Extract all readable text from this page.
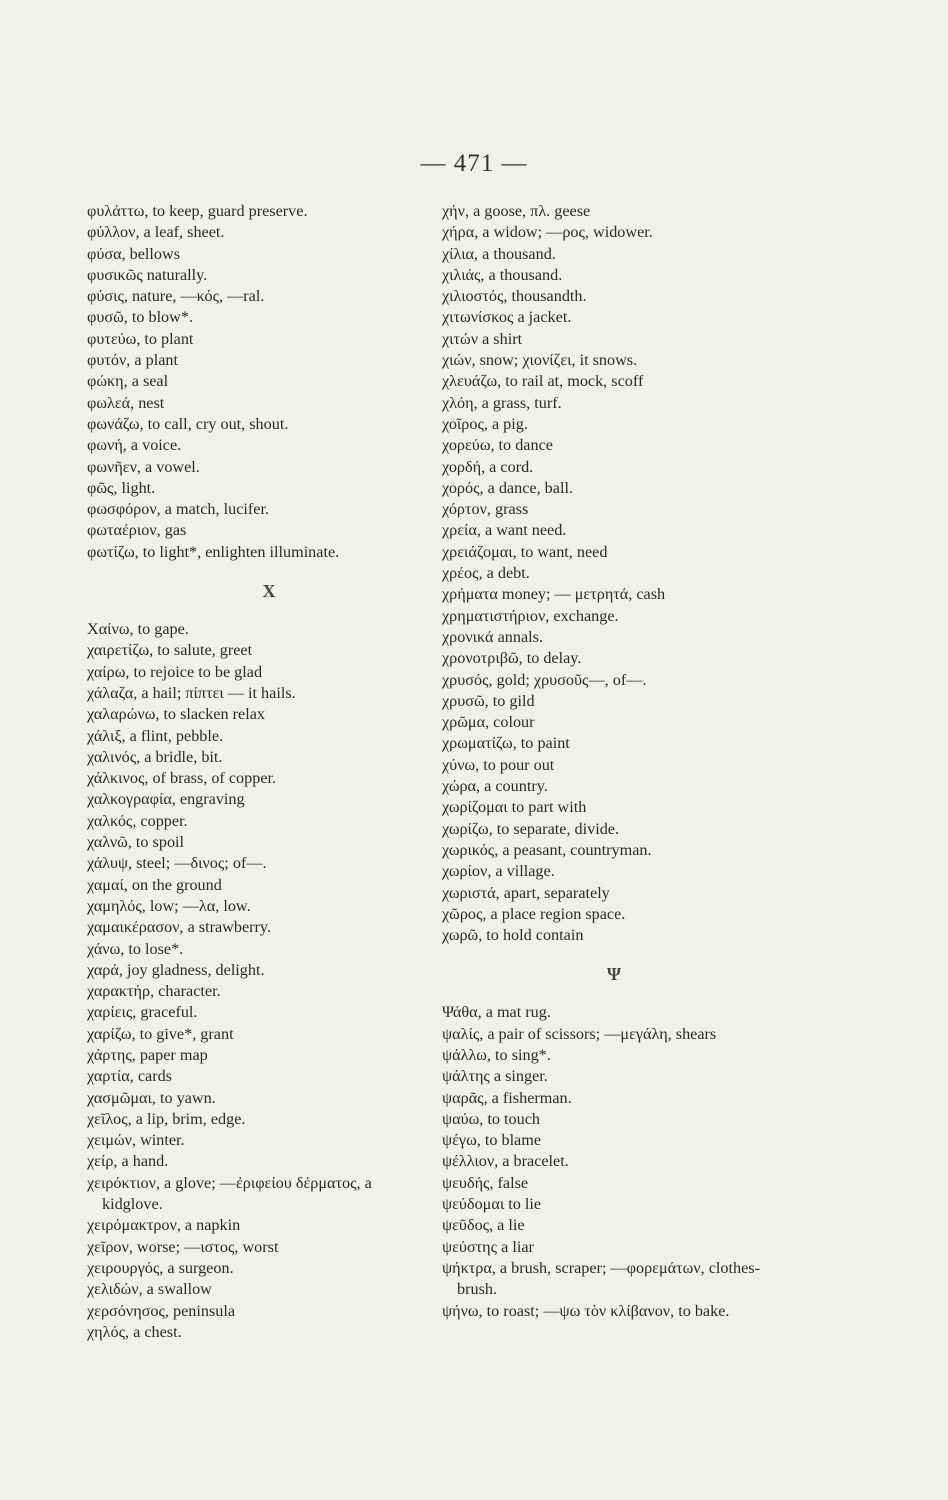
— 471 —
φυλάττω, to keep, guard preserve.
φύλλον, a leaf, sheet.
φύσα, bellows
φυσικῶς naturally.
φύσις, nature, —κός, —ral.
φυσῶ, to blow*.
φυτεύω, to plant
φυτόν, a plant
φώκη, a seal
φωλεά, nest
φωνάζω, to call, cry out, shout.
φωνή, a voice.
φωνῆεν, a vowel.
φῶς, light.
φωσφόρον, a match, lucifer.
φωταέριον, gas
φωτίζω, to light*, enlighten illuminate.
Χ
Χαίνω, to gape.
χαιρετίζω, to salute, greet
χαίρω, to rejoice to be glad
χάλαζα, a hail; πίπτει — it hails.
χαλαρώνω, to slacken relax
χάλιξ, a flint, pebble.
χαλινός, a bridle, bit.
χάλκινος, of brass, of copper.
χαλκογραφία, engraving
χαλκός, copper.
χαλνῶ, to spoil
χάλυψ, steel; —δινος; of—.
χαμαί, on the ground
χαμηλός, low; —λα, low.
χαμαικέρασον, a strawberry.
χάνω, to lose*.
χαρά, joy gladness, delight.
χαρακτήρ, character.
χαρίεις, graceful.
χαρίζω, to give*, grant
χάρτης, paper map
χαρτία, cards
χασμῶμαι, to yawn.
χεῖλος, a lip, brim, edge.
χειμών, winter.
χείρ, a hand.
χειρόκτιον, a glove; —ἐριφείου δέρματος, a kidglove.
χειρόμακτρον, a napkin
χεῖρον, worse; —ιστος, worst
χειρουργός, a surgeon.
χελιδών, a swallow
χερσόνησος, peninsula
χηλός, a chest.
χήν, a goose, πλ. geese
χήρα, a widow; —ρος, widower.
χίλια, a thousand.
χιλιάς, a thousand.
χιλιοστός, thousandth.
χιτωνίσκος a jacket.
χιτών a shirt
χιών, snow; χιονίζει, it snows.
χλευάζω, to rail at, mock, scoff
χλόη, a grass, turf.
χοῖρος, a pig.
χορεύω, to dance
χορδή, a cord.
χορός, a dance, ball.
χόρτον, grass
χρεία, a want need.
χρειάζομαι, to want, need
χρέος, a debt.
χρήματα money; — μετρητά, cash
χρηματιστήριον, exchange.
χρονικά annals.
χρονοτριβῶ, to delay.
χρυσός, gold; χρυσοῦς—, of—.
χρυσῶ, to gild
χρῶμα, colour
χρωματίζω, to paint
χύνω, to pour out
χώρα, a country.
χωρίζομαι to part with
χωρίζω, to separate, divide.
χωρικός, a peasant, countryman.
χωρίον, a village.
χωριστά, apart, separately
χῶρος, a place region space.
χωρῶ, to hold contain
Ψ
Ψάθα, a mat rug.
ψαλίς, a pair of scissors; —μεγάλη, shears
ψάλλω, to sing*.
ψάλτης a singer.
ψαρᾶς, a fisherman.
ψαύω, to touch
ψέγω, to blame
ψέλλιον, a bracelet.
ψευδής, false
ψεύδομαι to lie
ψεῦδος, a lie
ψεύστης a liar
ψήκτρα, a brush, scraper; —φορεμάτων, clothes-brush.
ψήνω, to roast; —ψω τὸν κλίβανον, to bake.
